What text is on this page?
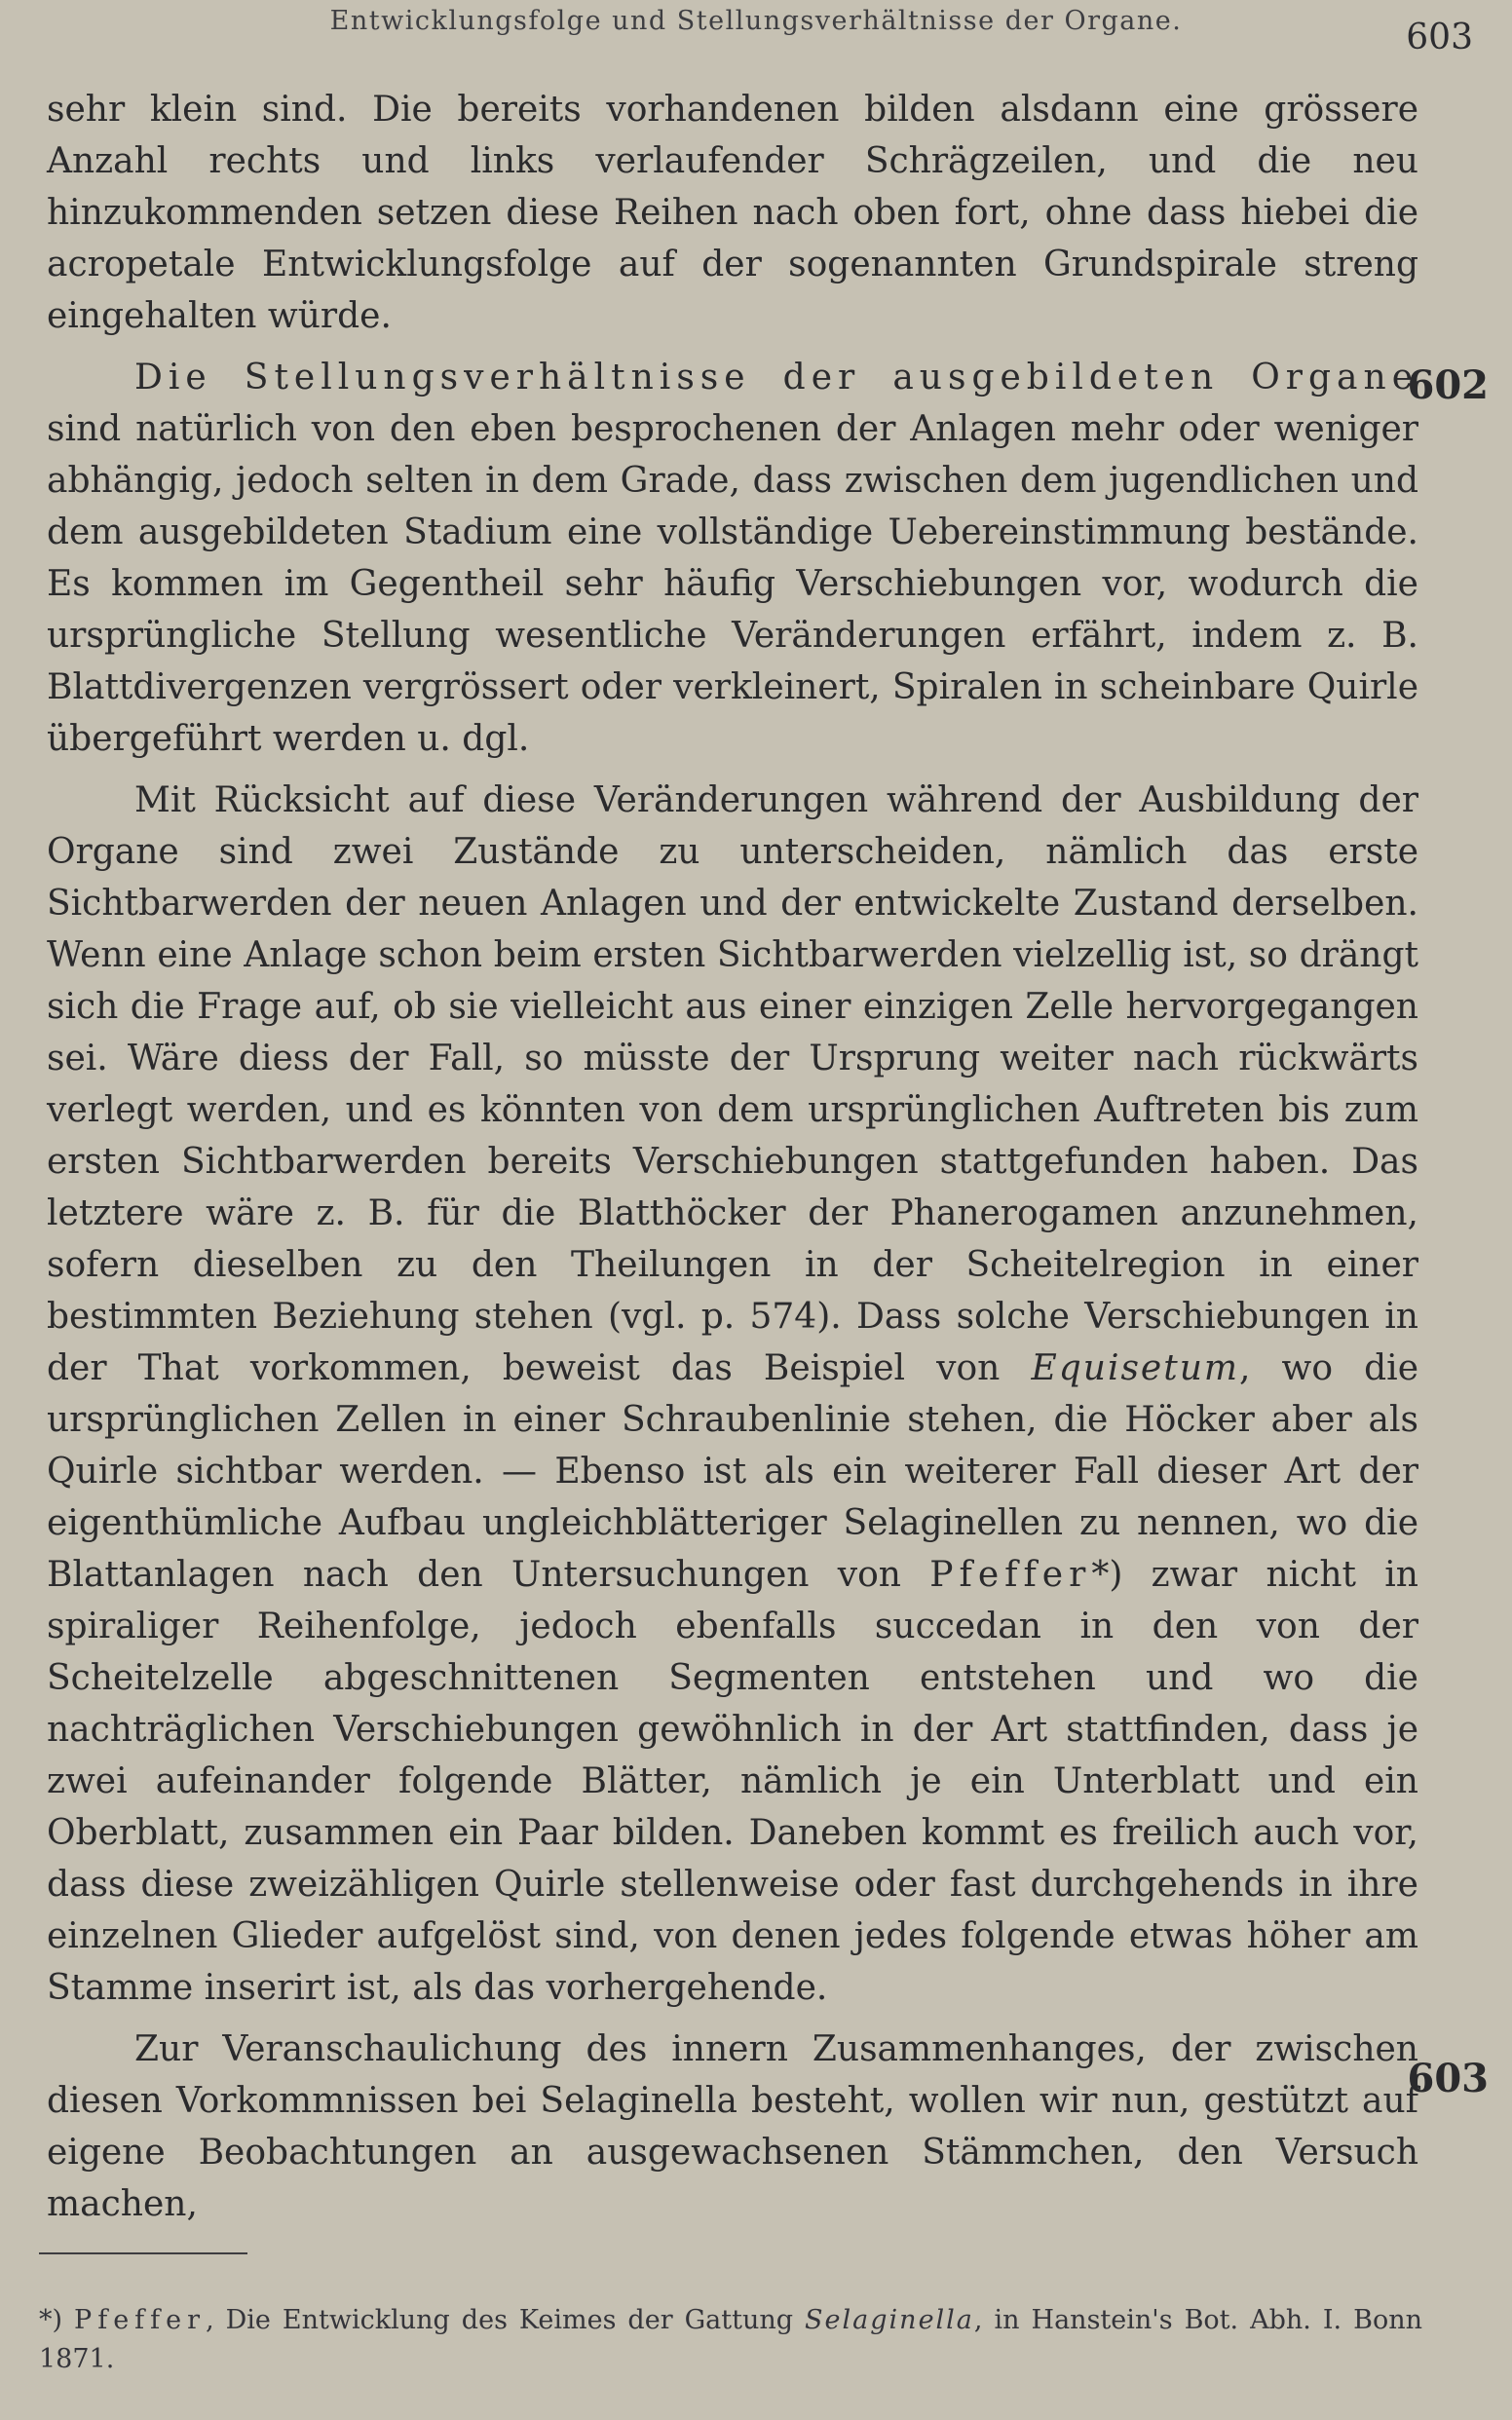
Entwicklungsfolge und Stellungsverhältnisse der Organe.	603
602
603

sehr klein sind. Die bereits vorhandenen bilden alsdann eine grössere Anzahl rechts und links verlaufender Schrägzeilen, und die neu hinzukommenden setzen diese Reihen nach oben fort, ohne dass hiebei die acropetale Entwicklungsfolge auf der sogenannten Grundspirale streng eingehalten würde.

Die Stellungsverhältnisse der ausgebildeten Organe sind natürlich von den eben besprochenen der Anlagen mehr oder weniger abhängig, jedoch selten in dem Grade, dass zwischen dem jugendlichen und dem ausgebildeten Stadium eine vollständige Uebereinstimmung bestände. Es kommen im Gegentheil sehr häufig Verschiebungen vor, wodurch die ursprüngliche Stellung wesentliche Veränderungen erfährt, indem z. B. Blattdivergenzen vergrössert oder verkleinert, Spiralen in scheinbare Quirle übergeführt werden u. dgl.

Mit Rücksicht auf diese Veränderungen während der Ausbildung der Organe sind zwei Zustände zu unterscheiden, nämlich das erste Sichtbarwerden der neuen Anlagen und der entwickelte Zustand derselben. Wenn eine Anlage schon beim ersten Sichtbarwerden vielzellig ist, so drängt sich die Frage auf, ob sie vielleicht aus einer einzigen Zelle hervorgegangen sei. Wäre diess der Fall, so müsste der Ursprung weiter nach rückwärts verlegt werden, und es könnten von dem ursprünglichen Auftreten bis zum ersten Sichtbarwerden bereits Verschiebungen stattgefunden haben. Das letztere wäre z. B. für die Blatthöcker der Phanerogamen anzunehmen, sofern dieselben zu den Theilungen in der Scheitelregion in einer bestimmten Beziehung stehen (vgl. p. 574). Dass solche Verschiebungen in der That vorkommen, beweist das Beispiel von Equisetum, wo die ursprünglichen Zellen in einer Schraubenlinie stehen, die Höcker aber als Quirle sichtbar werden. — Ebenso ist als ein weiterer Fall dieser Art der eigenthümliche Aufbau ungleichblätteriger Selaginellen zu nennen, wo die Blattanlagen nach den Untersuchungen von Pfeffer*) zwar nicht in spiraliger Reihenfolge, jedoch ebenfalls succedan in den von der Scheitelzelle abgeschnittenen Segmenten entstehen und wo die nachträglichen Verschiebungen gewöhnlich in der Art stattfinden, dass je zwei aufeinander folgende Blätter, nämlich je ein Unterblatt und ein Oberblatt, zusammen ein Paar bilden. Daneben kommt es freilich auch vor, dass diese zweizähligen Quirle stellenweise oder fast durchgehends in ihre einzelnen Glieder aufgelöst sind, von denen jedes folgende etwas höher am Stamme inserirt ist, als das vorhergehende.

Zur Veranschaulichung des innern Zusammenhanges, der zwischen diesen Vorkommnissen bei Selaginella besteht, wollen wir nun, gestützt auf eigene Beobachtungen an ausgewachsenen Stämmchen, den Versuch machen,

*) Pfeffer, Die Entwicklung des Keimes der Gattung Selaginella, in Hanstein's Bot. Abh. I. Bonn 1871.
